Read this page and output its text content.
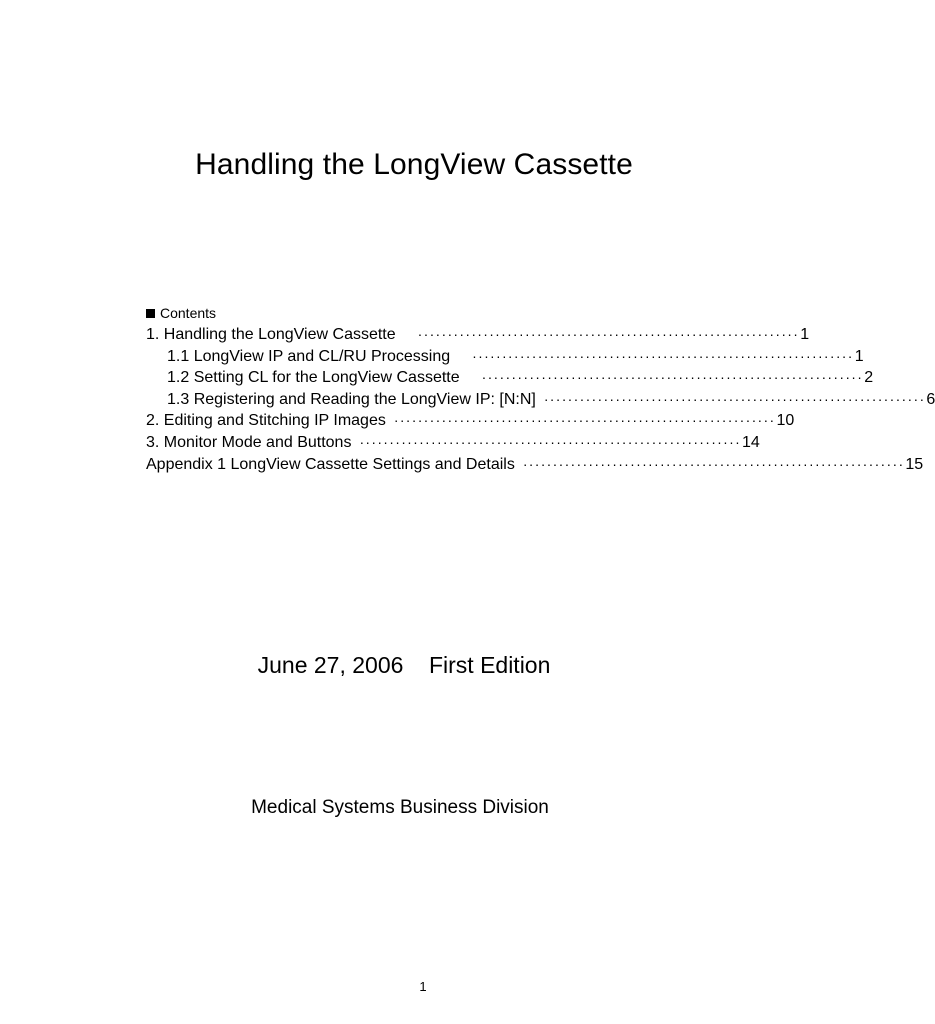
Handling the LongView Cassette
Contents
1. Handling the LongView Cassette ································································ 1
1.1 LongView IP and CL/RU Processing ································································ 1
1.2 Setting CL for the LongView Cassette ································································ 2
1.3 Registering and Reading the LongView IP: [N:N] ································································ 6
2. Editing and Stitching IP Images ································································ 10
3. Monitor Mode and Buttons ································································ 14
Appendix 1 LongView Cassette Settings and Details ································································ 15
June 27, 2006    First Edition
Medical Systems Business Division
1
